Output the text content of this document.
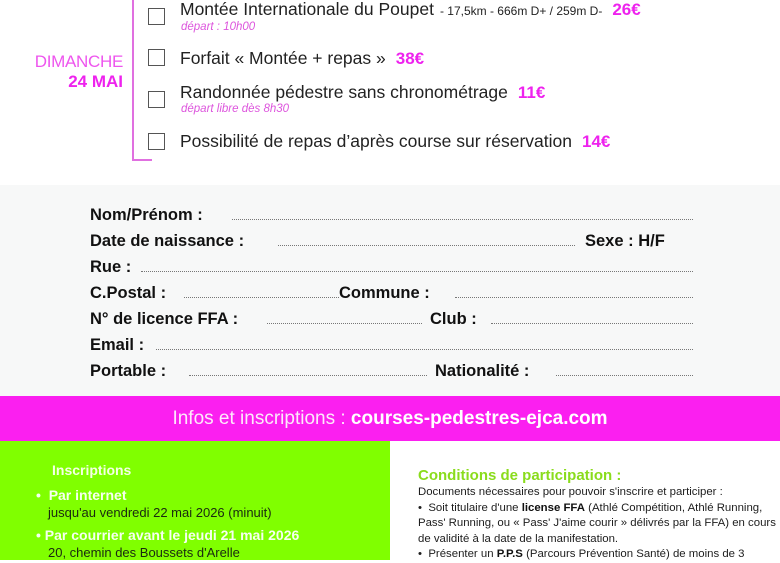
DIMANCHE
24 MAI
Montée Internationale du Poupet - 17,5km - 666m D+ / 259m D- 26€
départ : 10h00
Forfait « Montée + repas » 38€
Randonnée pédestre sans chronométrage 11€
départ libre dès 8h30
Possibilité de repas d’après course sur réservation 14€
Nom/Prénom :
Date de naissance :	Sexe : H/F
Rue :
C.Postal :	Commune :
N° de licence FFA :	Club :
Email :
Portable :	Nationalité :
Infos et inscriptions : courses-pedestres-ejca.com
Inscriptions
•  Par internet
jusqu'au vendredi 22 mai 2026 (minuit)
• Par courrier avant le jeudi 21 mai 2026
20, chemin des Boussets d'Arelle
Conditions de participation :
Documents nécessaires pour pouvoir s'inscrire et participer :
•  Soit titulaire d'une license FFA (Athlé Compétition, Athlé Running, Pass' Running, ou « Pass' J'aime courir » délivrés par la FFA) en cours de validité à la date de la manifestation.
•  Présenter un P.P.S (Parcours Prévention Santé) de moins de 3
